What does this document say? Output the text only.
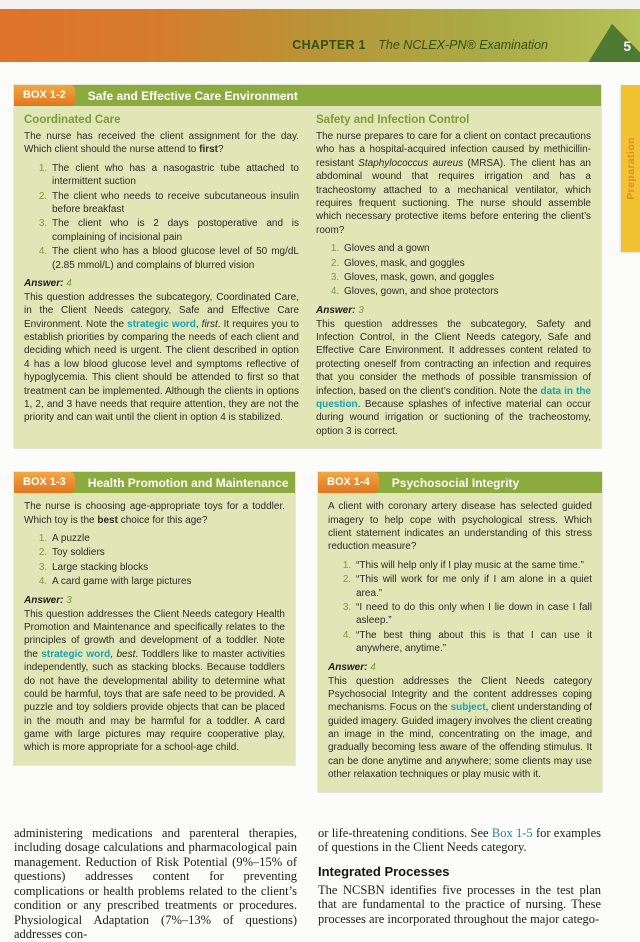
CHAPTER 1 The NCLEX-PN® Examination	5
Preparation
BOX 1-2	Safe and Effective Care Environment
Coordinated Care

The nurse has received the client assignment for the day. Which client should the nurse attend to first?

1. The client who has a nasogastric tube attached to intermittent suction
2. The client who needs to receive subcutaneous insulin before breakfast
3. The client who is 2 days postoperative and is complaining of incisional pain
4. The client who has a blood glucose level of 50 mg/dL (2.85 mmol/L) and complains of blurred vision

Answer: 4

This question addresses the subcategory, Coordinated Care, in the Client Needs category, Safe and Effective Care Environment. Note the strategic word, first. It requires you to establish priorities by comparing the needs of each client and deciding which need is urgent. The client described in option 4 has a low blood glucose level and symptoms reflective of hypoglycemia. This client should be attended to first so that treatment can be implemented. Although the clients in options 1, 2, and 3 have needs that require attention, they are not the priority and can wait until the client in option 4 is stabilized.

Safety and Infection Control

The nurse prepares to care for a client on contact precautions who has a hospital-acquired infection caused by methicillin-resistant Staphylococcus aureus (MRSA). The client has an abdominal wound that requires irrigation and has a tracheostomy attached to a mechanical ventilator, which requires frequent suctioning. The nurse should assemble which necessary protective items before entering the client’s room?

1. Gloves and a gown
2. Gloves, mask, and goggles
3. Gloves, mask, gown, and goggles
4. Gloves, gown, and shoe protectors

Answer: 3

This question addresses the subcategory, Safety and Infection Control, in the Client Needs category, Safe and Effective Care Environment. It addresses content related to protecting oneself from contracting an infection and requires that you consider the methods of possible transmission of infection, based on the client’s condition. Note the data in the question. Because splashes of infective material can occur during wound irrigation or suctioning of the tracheostomy, option 3 is correct.

BOX 1-3	Health Promotion and Maintenance

The nurse is choosing age-appropriate toys for a toddler. Which toy is the best choice for this age?

1. A puzzle
2. Toy soldiers
3. Large stacking blocks
4. A card game with large pictures

Answer: 3

This question addresses the Client Needs category Health Promotion and Maintenance and specifically relates to the principles of growth and development of a toddler. Note the strategic word, best. Toddlers like to master activities independently, such as stacking blocks. Because toddlers do not have the developmental ability to determine what could be harmful, toys that are safe need to be provided. A puzzle and toy soldiers provide objects that can be placed in the mouth and may be harmful for a toddler. A card game with large pictures may require cooperative play, which is more appropriate for a school-age child.

BOX 1-4	Psychosocial Integrity

A client with coronary artery disease has selected guided imagery to help cope with psychological stress. Which client statement indicates an understanding of this stress reduction measure?

1. “This will help only if I play music at the same time.”
2. “This will work for me only if I am alone in a quiet area.”
3. “I need to do this only when I lie down in case I fall asleep.”
4. “The best thing about this is that I can use it anywhere, anytime.”

Answer: 4

This question addresses the Client Needs category Psychosocial Integrity and the content addresses coping mechanisms. Focus on the subject, client understanding of guided imagery. Guided imagery involves the client creating an image in the mind, concentrating on the image, and gradually becoming less aware of the offending stimulus. It can be done anytime and anywhere; some clients may use other relaxation techniques or play music with it.

administering medications and parenteral therapies, including dosage calculations and pharmacological pain management. Reduction of Risk Potential (9%–15% of questions) addresses content for preventing complications or health problems related to the client’s condition or any prescribed treatments or procedures. Physiological Adaptation (7%–13% of questions) addresses con-

or life-threatening conditions. See Box 1-5 for examples of questions in the Client Needs category.

Integrated Processes

The NCSBN identifies five processes in the test plan that are fundamental to the practice of nursing. These processes are incorporated throughout the major catego-
